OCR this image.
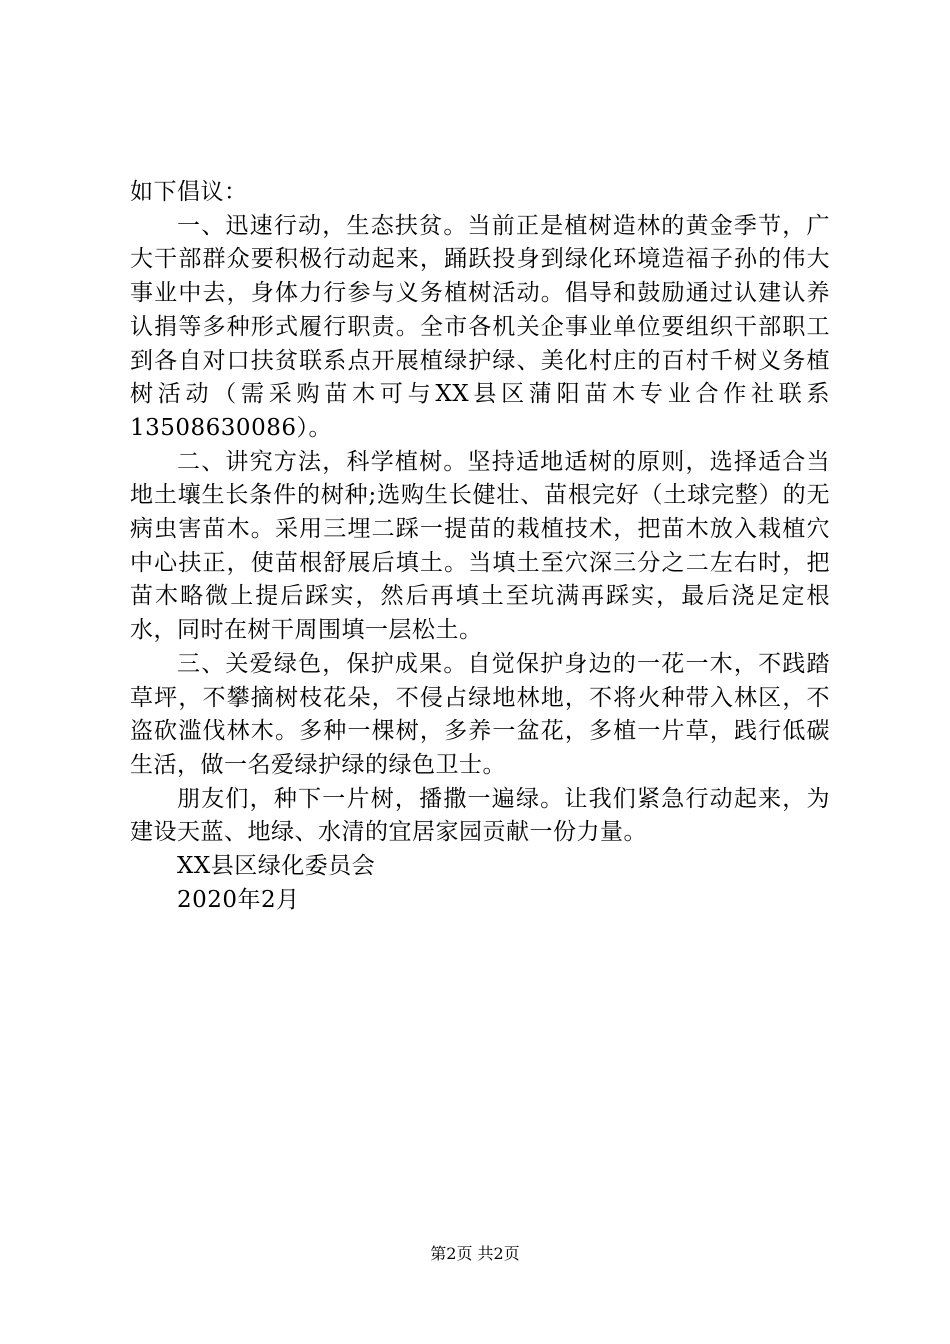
如下倡议：

一、迅速行动，生态扶贫。当前正是植树造林的黄金季节，广大干部群众要积极行动起来，踊跃投身到绿化环境造福子孙的伟大事业中去，身体力行参与义务植树活动。倡导和鼓励通过认建认养认捐等多种形式履行职责。全市各机关企事业单位要组织干部职工到各自对口扶贫联系点开展植绿护绿、美化村庄的百村千树义务植树活动（需采购苗木可与XX县区蒲阳苗木专业合作社联系13508630086）。

二、讲究方法，科学植树。坚持适地适树的原则，选择适合当地土壤生长条件的树种;选购生长健壮、苗根完好（土球完整）的无病虫害苗木。采用三埋二踩一提苗的栽植技术，把苗木放入栽植穴中心扶正，使苗根舒展后填土。当填土至穴深三分之二左右时，把苗木略微上提后踩实，然后再填土至坑满再踩实，最后浇足定根水，同时在树干周围填一层松土。

三、关爱绿色，保护成果。自觉保护身边的一花一木，不践踏草坪，不攀摘树枝花朵，不侵占绿地林地，不将火种带入林区，不盗砍滥伐林木。多种一棵树，多养一盆花，多植一片草，践行低碳生活，做一名爱绿护绿的绿色卫士。

朋友们，种下一片树，播撒一遍绿。让我们紧急行动起来，为建设天蓝、地绿、水清的宜居家园贡献一份力量。

XX县区绿化委员会

2020年2月

第2页 共2页
